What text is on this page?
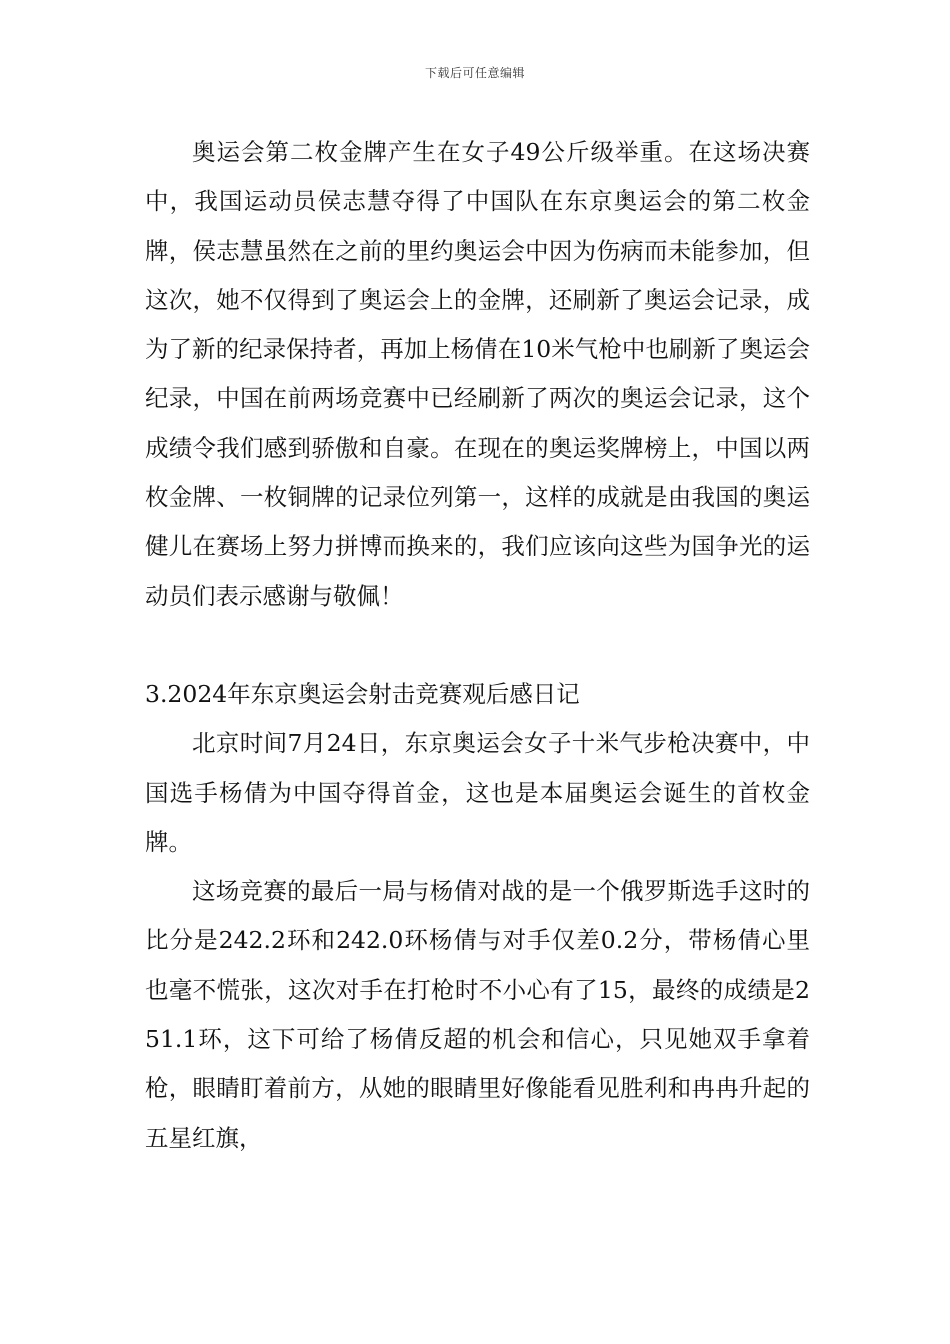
下载后可任意编辑

奥运会第二枚金牌产生在女子49公斤级举重。在这场决赛中，我国运动员侯志慧夺得了中国队在东京奥运会的第二枚金牌，侯志慧虽然在之前的里约奥运会中因为伤病而未能参加，但这次，她不仅得到了奥运会上的金牌，还刷新了奥运会记录，成为了新的纪录保持者，再加上杨倩在10米气枪中也刷新了奥运会纪录，中国在前两场竞赛中已经刷新了两次的奥运会记录，这个成绩令我们感到骄傲和自豪。在现在的奥运奖牌榜上，中国以两枚金牌、一枚铜牌的记录位列第一，这样的成就是由我国的奥运健儿在赛场上努力拼博而换来的，我们应该向这些为国争光的运动员们表示感谢与敬佩！

3.2024年东京奥运会射击竞赛观后感日记

北京时间7月24日，东京奥运会女子十米气步枪决赛中，中国选手杨倩为中国夺得首金，这也是本届奥运会诞生的首枚金牌。

这场竞赛的最后一局与杨倩对战的是一个俄罗斯选手这时的比分是242.2环和242.0环杨倩与对手仅差0.2分，带杨倩心里也毫不慌张，这次对手在打枪时不小心有了15，最终的成绩是251.1环，这下可给了杨倩反超的机会和信心，只见她双手拿着枪，眼睛盯着前方，从她的眼睛里好像能看见胜利和冉冉升起的五星红旗，
